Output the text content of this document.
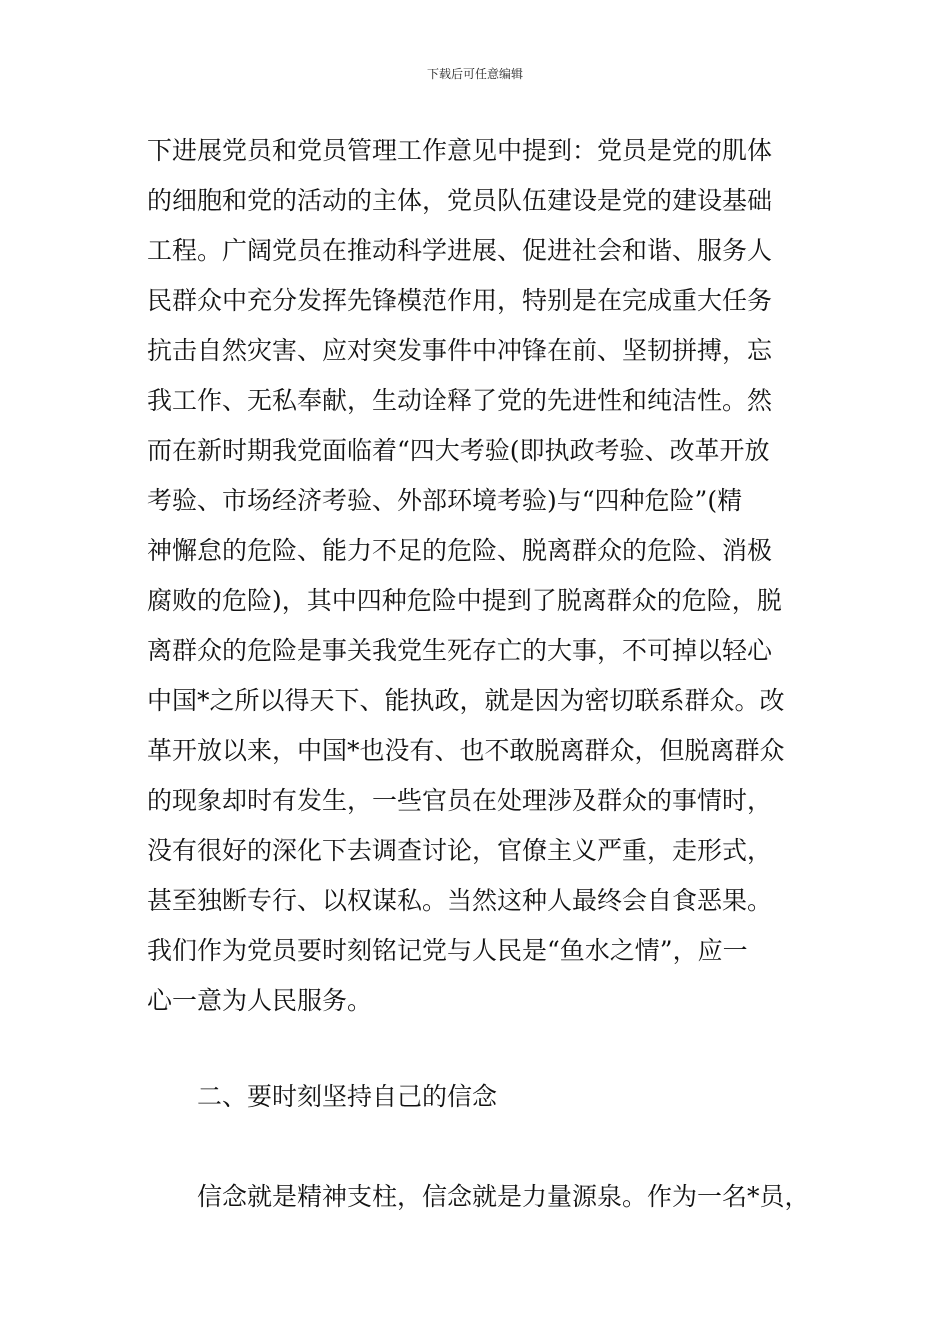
下载后可任意编辑
下进展党员和党员管理工作意见中提到：党员是党的肌体
的细胞和党的活动的主体，党员队伍建设是党的建设基础
工程。广阔党员在推动科学进展、促进社会和谐、服务人
民群众中充分发挥先锋模范作用，特别是在完成重大任务
抗击自然灾害、应对突发事件中冲锋在前、坚韧拼搏，忘
我工作、无私奉献，生动诠释了党的先进性和纯洁性。然
而在新时期我党面临着“四大考验(即执政考验、改革开放
考验、市场经济考验、外部环境考验)与“四种危险”(精
神懈怠的危险、能力不足的危险、脱离群众的危险、消极
腐败的危险)，其中四种危险中提到了脱离群众的危险，脱
离群众的危险是事关我党生死存亡的大事，不可掉以轻心
中国*之所以得天下、能执政，就是因为密切联系群众。改
革开放以来，中国*也没有、也不敢脱离群众，但脱离群众
的现象却时有发生，一些官员在处理涉及群众的事情时，
没有很好的深化下去调查讨论，官僚主义严重，走形式，
甚至独断专行、以权谋私。当然这种人最终会自食恶果。
我们作为党员要时刻铭记党与人民是“鱼水之情”，应一
心一意为人民服务。
二、要时刻坚持自己的信念
信念就是精神支柱，信念就是力量源泉。作为一名*员，
